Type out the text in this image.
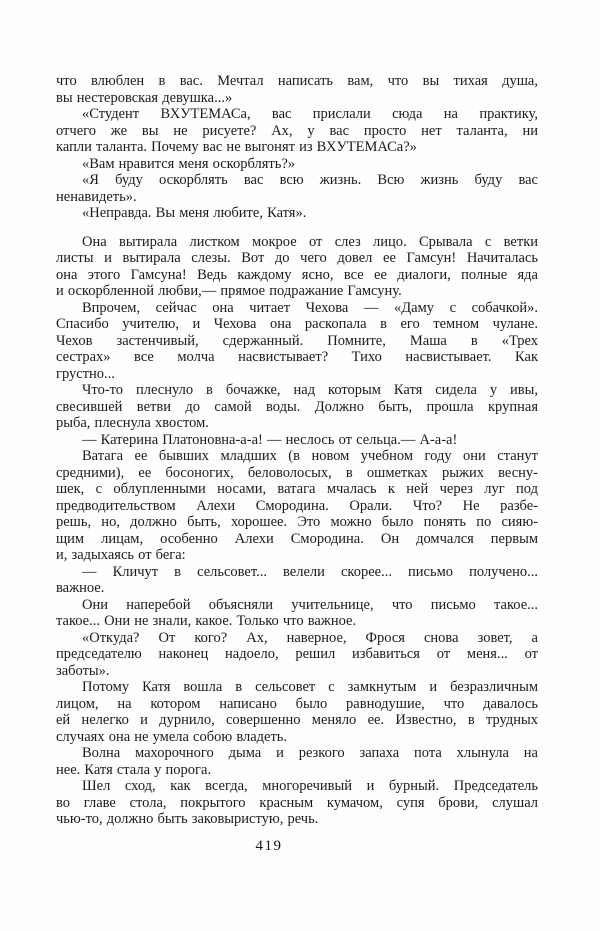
что влюблен в вас. Мечтал написать вам, что вы тихая душа,
вы нестеровская девушка...»
«Студент ВХУТЕМАСа, вас прислали сюда на практику,
отчего же вы не рисуете? Ах, у вас просто нет таланта, ни
капли таланта. Почему вас не выгонят из ВХУТЕМАСа?»
«Вам нравится меня оскорблять?»
«Я буду оскорблять вас всю жизнь. Всю жизнь буду вас
ненавидеть».
«Неправда. Вы меня любите, Катя».
Она вытирала листком мокрое от слез лицо. Срывала с ветки
листы и вытирала слезы. Вот до чего довел ее Гамсун! Начиталась
она этого Гамсуна! Ведь каждому ясно, все ее диалоги, полные яда
и оскорбленной любви,— прямое подражание Гамсуну.
Впрочем, сейчас она читает Чехова — «Даму с собачкой».
Спасибо учителю, и Чехова она раскопала в его темном чулане.
Чехов застенчивый, сдержанный. Помните, Маша в «Трех
сестрах» все молча насвистывает? Тихо насвистывает. Как
грустно...
Что-то плеснуло в бочажке, над которым Катя сидела у ивы,
свесившей ветви до самой воды. Должно быть, прошла крупная
рыба, плеснула хвостом.
— Катерина Платоновна-а-а! — неслось от сельца.— А-а-а!
Ватага ее бывших младших (в новом учебном году они станут
средними), ее босоногих, беловолосых, в ошметках рыжих весну-
шек, с облупленными носами, ватага мчалась к ней через луг под
предводительством Алехи Смородина. Орали. Что? Не разбе-
решь, но, должно быть, хорошее. Это можно было понять по сияю-
щим лицам, особенно Алехи Смородина. Он домчался первым
и, задыхаясь от бега:
— Кличут в сельсовет... велели скорее... письмо получено...
важное.
Они наперебой объясняли учительнице, что письмо такое...
такое... Они не знали, какое. Только что важное.
«Откуда? От кого? Ах, наверное, Фрося снова зовет, а
председателю наконец надоело, решил избавиться от меня... от
заботы».
Потому Катя вошла в сельсовет с замкнутым и безразличным
лицом, на котором написано было равнодушие, что давалось
ей нелегко и дурнило, совершенно меняло ее. Известно, в трудных
случаях она не умела собою владеть.
Волна махорочного дыма и резкого запаха пота хлынула на
нее. Катя стала у порога.
Шел сход, как всегда, многоречивый и бурный. Председатель
во главе стола, покрытого красным кумачом, супя брови, слушал
чью-то, должно быть заковыристую, речь.
419
